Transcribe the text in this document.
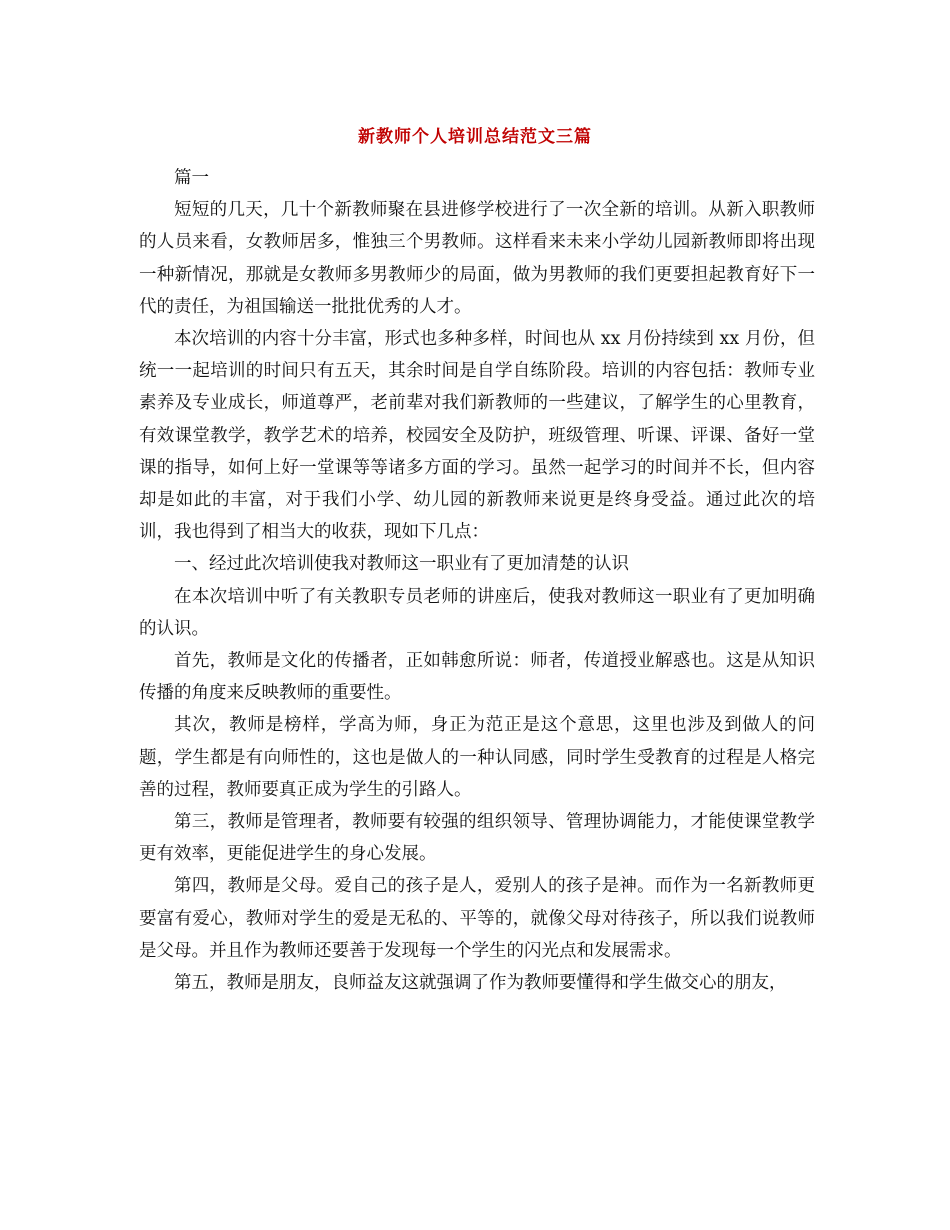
新教师个人培训总结范文三篇

篇一

短短的几天，几十个新教师聚在县进修学校进行了一次全新的培训。从新入职教师的人员来看，女教师居多，惟独三个男教师。这样看来未来小学幼儿园新教师即将出现一种新情况，那就是女教师多男教师少的局面，做为男教师的我们更要担起教育好下一代的责任，为祖国输送一批批优秀的人才。

本次培训的内容十分丰富，形式也多种多样，时间也从 xx 月份持续到 xx 月份，但统一一起培训的时间只有五天，其余时间是自学自练阶段。培训的内容包括：教师专业素养及专业成长，师道尊严，老前辈对我们新教师的一些建议，了解学生的心里教育，有效课堂教学，教学艺术的培养，校园安全及防护，班级管理、听课、评课、备好一堂课的指导，如何上好一堂课等等诸多方面的学习。虽然一起学习的时间并不长，但内容却是如此的丰富，对于我们小学、幼儿园的新教师来说更是终身受益。通过此次的培训，我也得到了相当大的收获，现如下几点：

一、经过此次培训使我对教师这一职业有了更加清楚的认识

在本次培训中听了有关教职专员老师的讲座后，使我对教师这一职业有了更加明确的认识。

首先，教师是文化的传播者，正如韩愈所说：师者，传道授业解惑也。这是从知识传播的角度来反映教师的重要性。

其次，教师是榜样，学高为师，身正为范正是这个意思，这里也涉及到做人的问题，学生都是有向师性的，这也是做人的一种认同感，同时学生受教育的过程是人格完善的过程，教师要真正成为学生的引路人。

第三，教师是管理者，教师要有较强的组织领导、管理协调能力，才能使课堂教学更有效率，更能促进学生的身心发展。

第四，教师是父母。爱自己的孩子是人，爱别人的孩子是神。而作为一名新教师更要富有爱心，教师对学生的爱是无私的、平等的，就像父母对待孩子，所以我们说教师是父母。并且作为教师还要善于发现每一个学生的闪光点和发展需求。

第五，教师是朋友，良师益友这就强调了作为教师要懂得和学生做交心的朋友，
